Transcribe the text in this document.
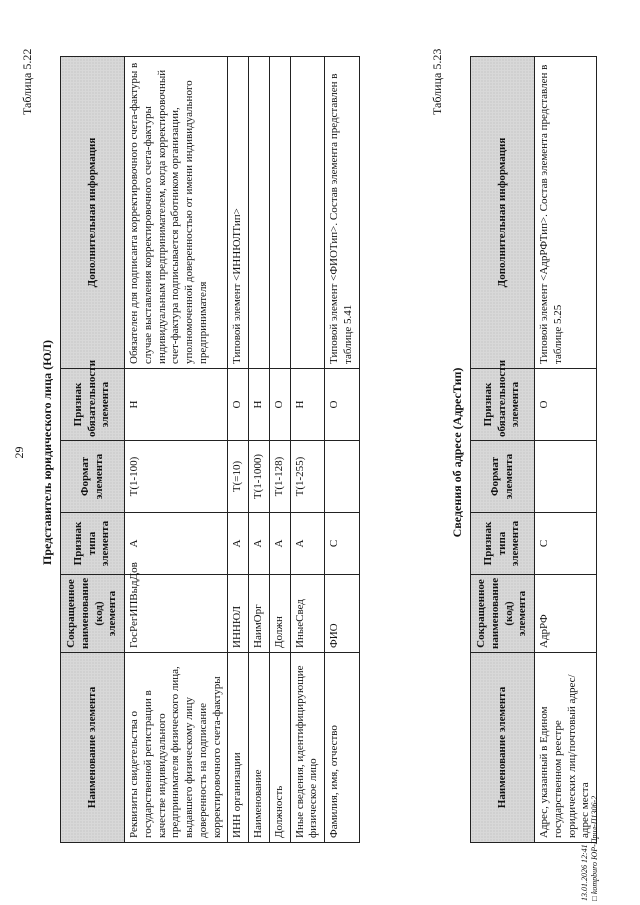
29
Таблица 5.22
Представитель юридического лица (ЮЛ)
Наименование элемента	Сокращенное наименование (код) элемента	Признак типа элемента	Формат элемента	Признак обязательности элемента	Дополнительная информация
Реквизиты свидетельства о государственной регистрации в качестве индивидуального предпринимателя физического лица, выдавшего физическому лицу доверенность на подписание корректировочного счета-фактуры	ГосРегИПВыдДов	А	T(1-100)	Н	Обязателен для подписанта корректировочного счета-фактуры в случае выставления корректировочного счета-фактуры индивидуальным предпринимателем, когда корректировочный счет-фактура подписывается работником организации, уполномоченной доверенностью от имени индивидуального предпринимателя
ИНН организации	ИННЮЛ	А	T(=10)	О	Типовой элемент <ИННЮЛТип>
Наименование	НаимОрг	А	T(1-1000)	Н	
Должность	Должн	А	T(1-128)	О	
Иные сведения, идентифицирующие физическое лицо	ИныеСвед	А	T(1-255)	Н	
Фамилия, имя, отчество	ФИО	С		О	Типовой элемент <ФИОТип>. Состав элемента представлен в таблице 5.41
Таблица 5.23
Сведения об адресе (АдресТип)
Наименование элемента	Сокращенное наименование (код) элемента	Признак типа элемента	Формат элемента	Признак обязательности элемента	Дополнительная информация
Адрес, указанный в Едином государственном реестре юридических лиц/почтовый адрес/адрес места	АдрРФ	С		О	Типовой элемент <АдрРФТип>. Состав элемента представлен в таблице 5.25
13.01.2026 12:41 □ kompburo ЮР-Прил-П1306-2
